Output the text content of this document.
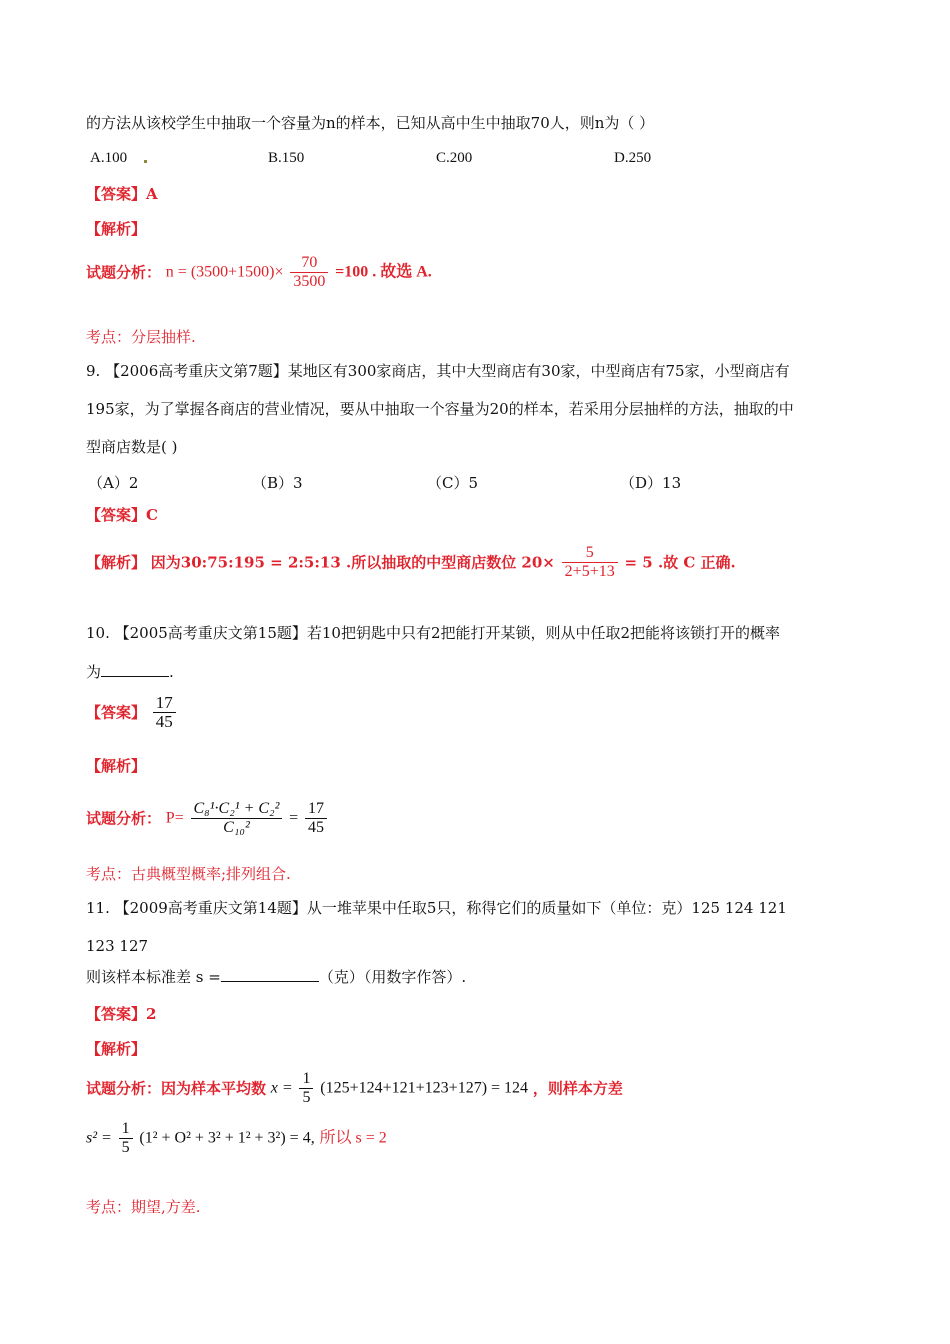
的方法从该校学生中抽取一个容量为n的样本，已知从高中生中抽取70人，则n为（ ）
A.100	B.150	C.200	D.250
【答案】A
【解析】
试题分析： $n = (3500+1500)\times \frac{70}{3500} =100$ . 故选 A.
考点：分层抽样.
9. 【2006高考重庆文第7题】某地区有300家商店，其中大型商店有30家，中型商店有75家，小型商店有
195家，为了掌握各商店的营业情况，要从中抽取一个容量为20的样本，若采用分层抽样的方法，抽取的中
型商店数是( )
（A）2	（B）3	（C）5	（D）13
【答案】C
【解析】 因为30:75:195 = 2:5:13 .所以抽取的中型商店数位 $20\times \frac{5}{2+5+13} = 5$ .故 C 正确.
10. 【2005高考重庆文第15题】若10把钥匙中只有2把能打开某锁，则从中任取2把能将该锁打开的概率
为	.
【答案】 $\frac{17}{45}$
【解析】
试题分析： $P= \frac{\text{C₈¹·C₂¹ + C₂²}}{\text{C₁₀²}} = \frac{17}{45}$
考点：古典概型概率;排列组合.
11. 【2009高考重庆文第14题】从一堆苹果中任取5只，称得它们的质量如下（单位：克）125 124 121
123 127
则该样本标准差 s =	（克）（用数字作答）.
【答案】2
【解析】
试题分析：因为样本平均数 $x = \frac{1}{5} (125+124+121+123+127) = 124$ ，则样本方差
$s^2 = \frac{1}{5} (1^2 + O^2 + 3^2 + 1^2 + 3^2) = 4$, 所以 s = 2
考点：期望,方差.
